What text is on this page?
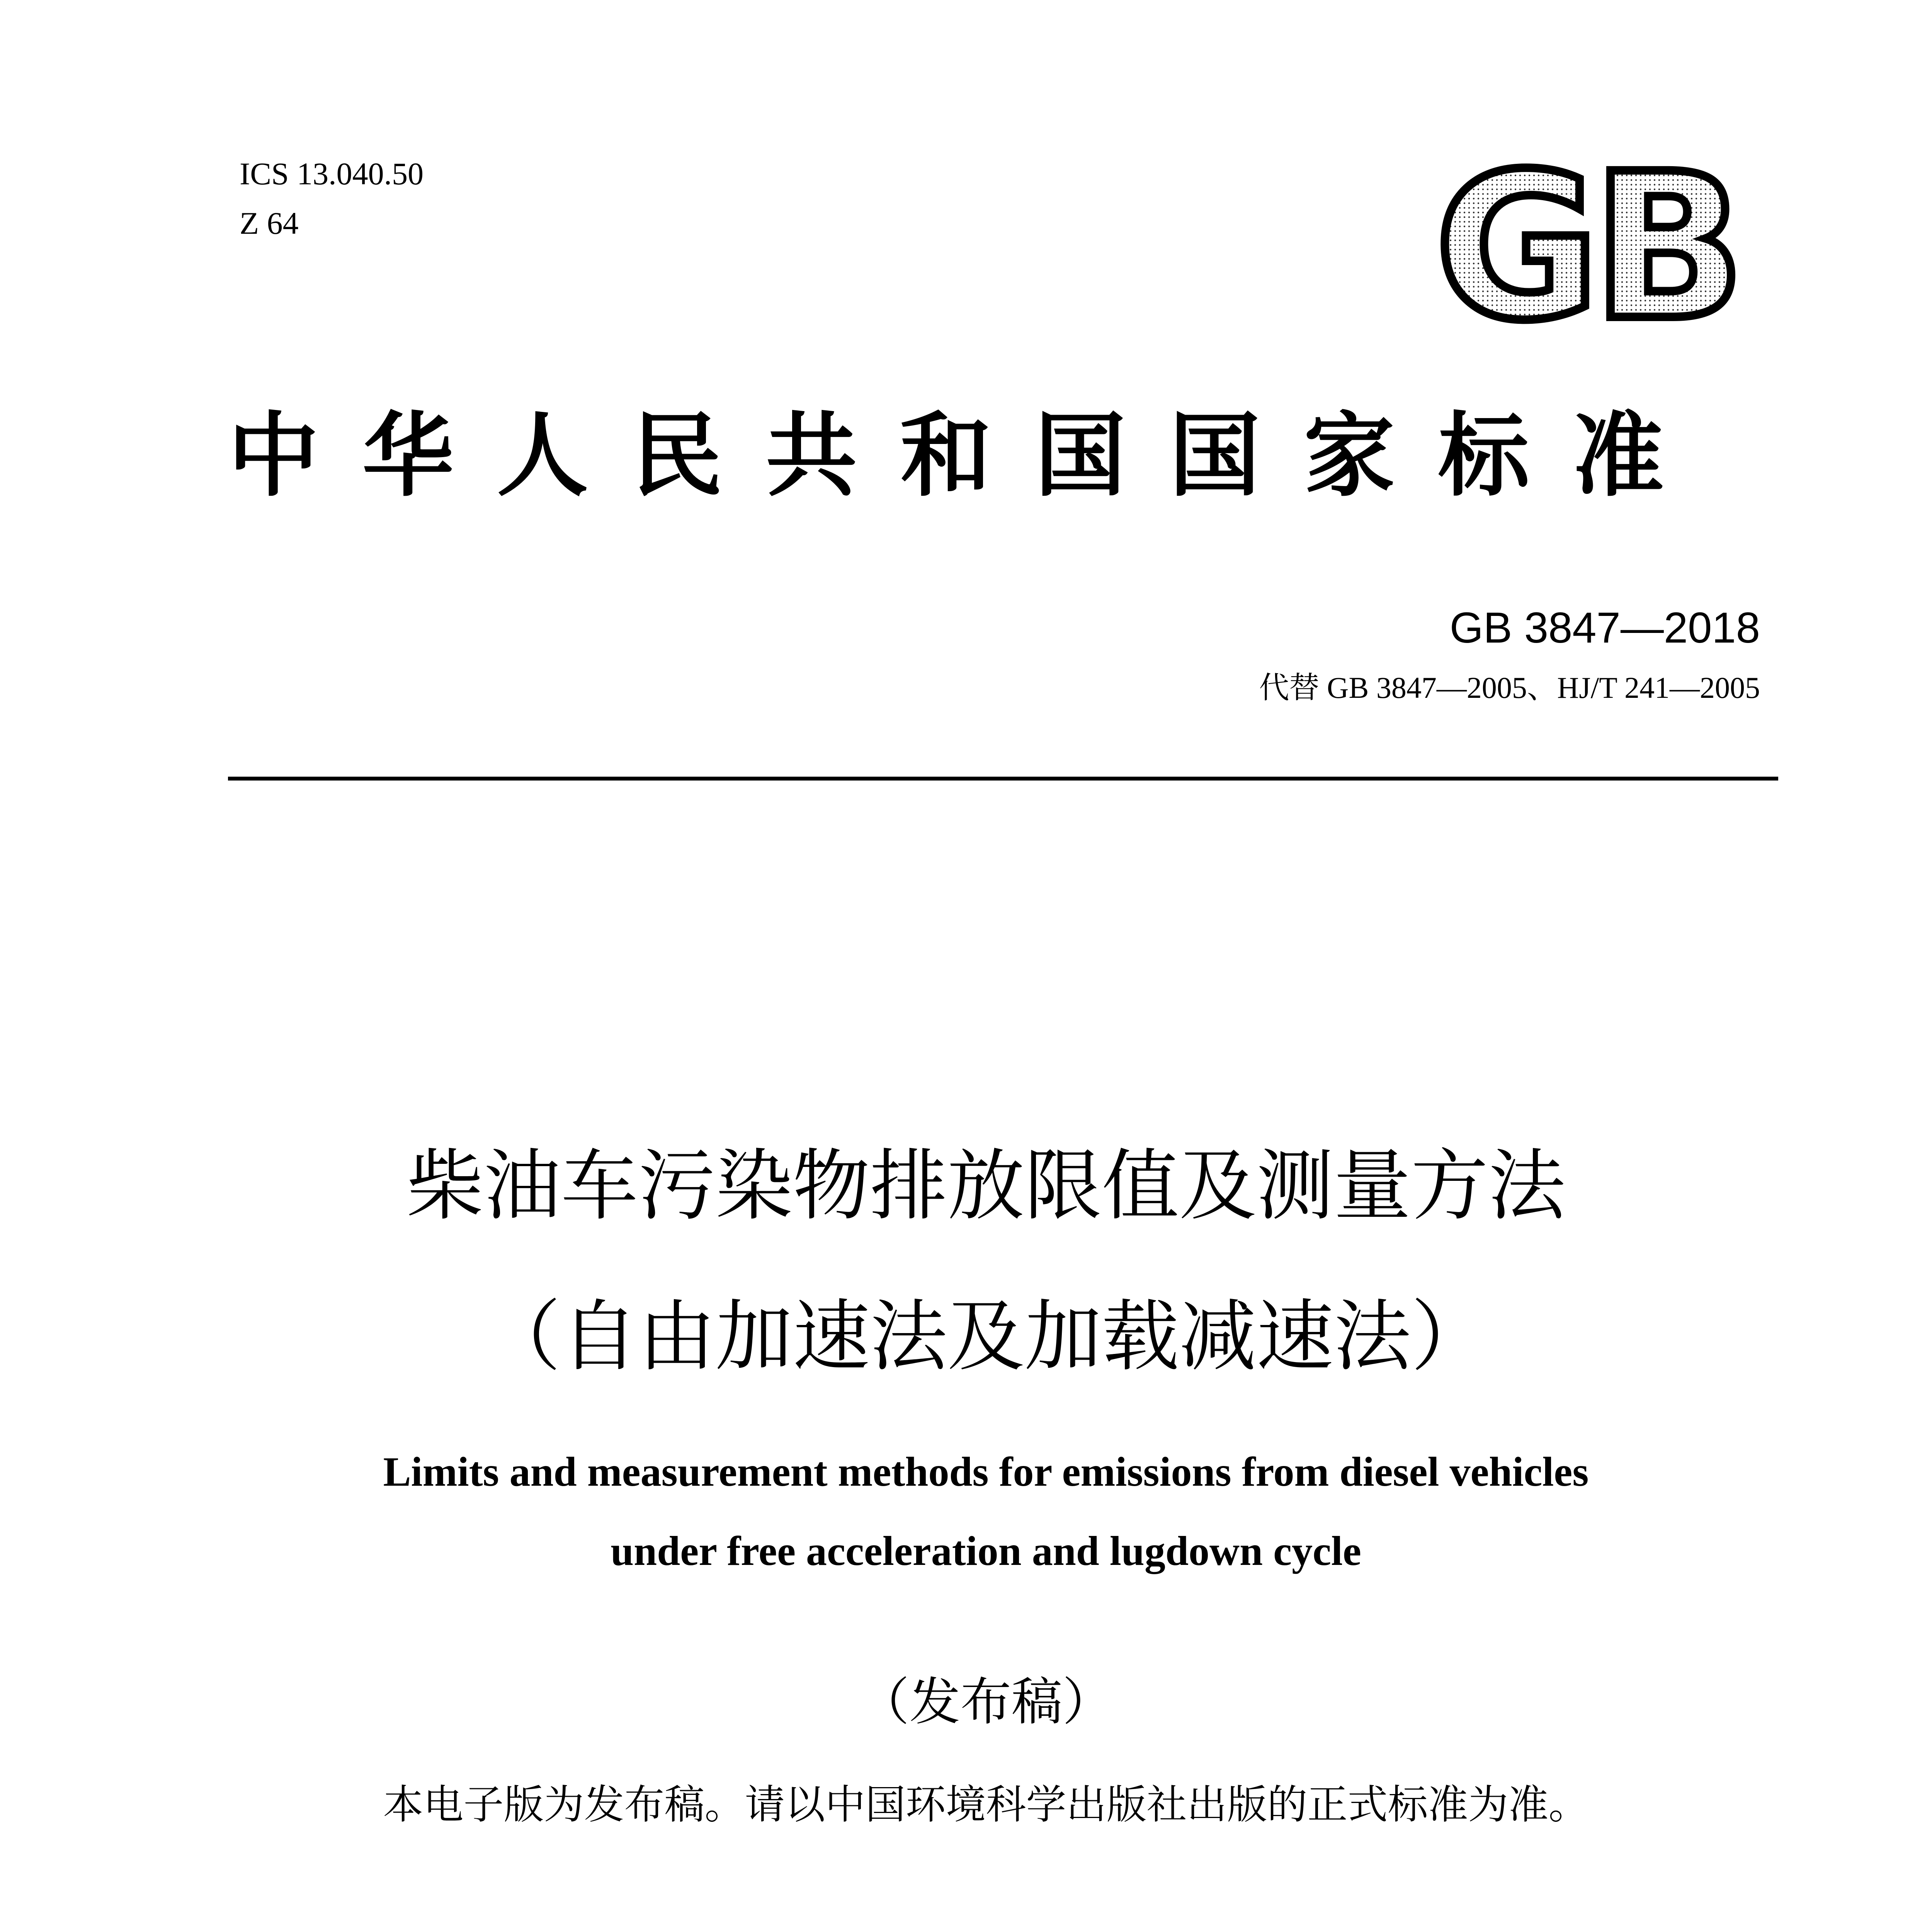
ICS 13.040.50
Z 64	GB
中华人民共和国国家标准
GB 3847—2018
代替 GB 3847—2005、HJ/T 241—2005
柴油车污染物排放限值及测量方法
（自由加速法及加载减速法）
Limits and measurement methods for emissions from diesel vehicles
under free acceleration and lugdown cycle
（发布稿）
本电子版为发布稿。请以中国环境科学出版社出版的正式标准为准。
